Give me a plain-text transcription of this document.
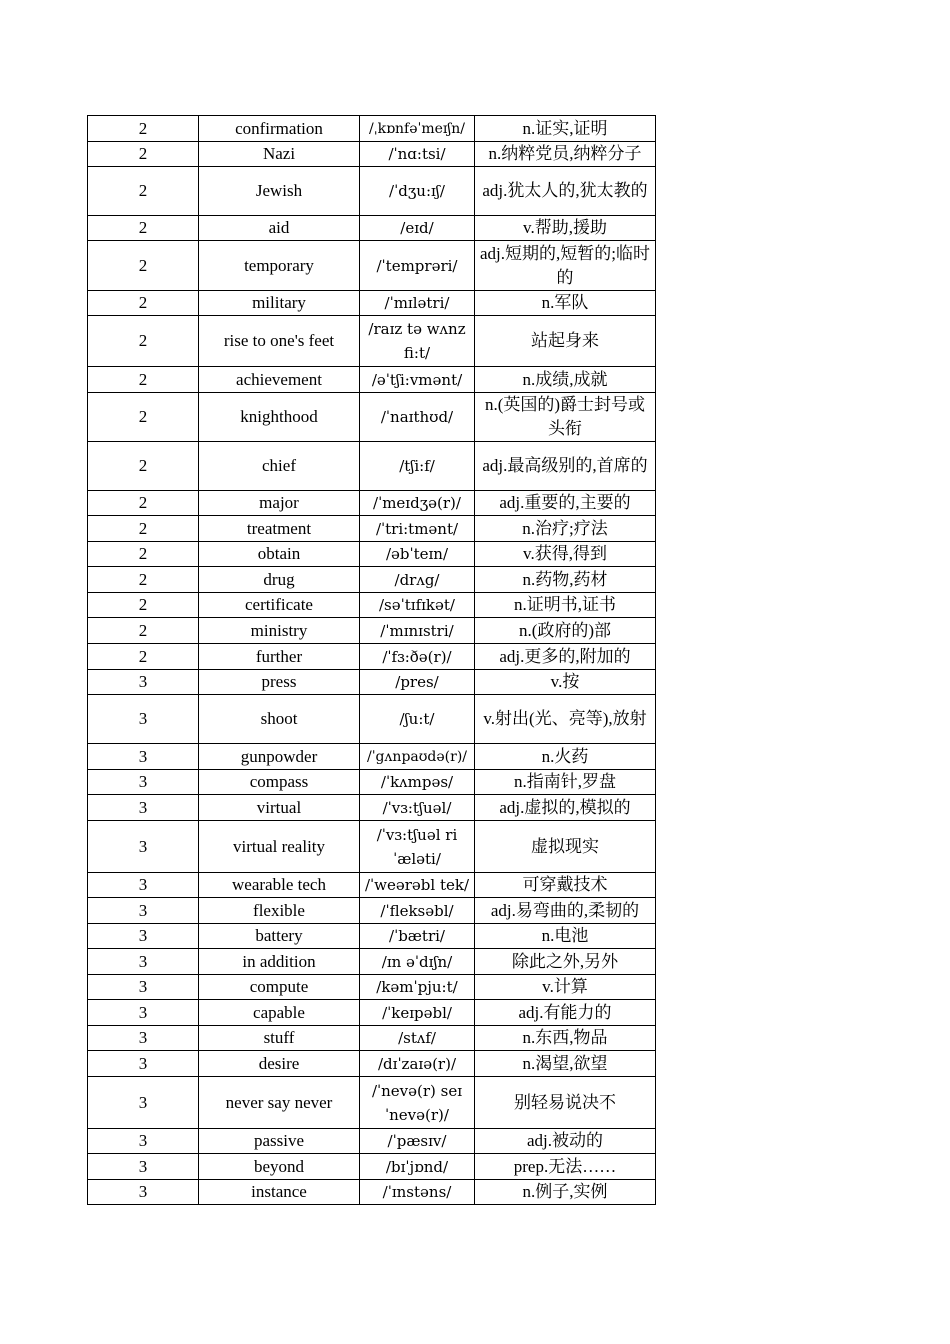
2	confirmation	/ˌkɒnfəˈmeɪʃn/	n.证实,证明
2	Nazi	/ˈnɑ:tsi/	n.纳粹党员,纳粹分子
2	Jewish	/ˈdʒu:ɪʃ/	adj.犹太人的,犹太教的
2	aid	/eɪd/	v.帮助,援助
2	temporary	/ˈtemprəri/	adj.短期的,短暂的;临时的
2	military	/ˈmɪlətri/	n.军队
2	rise to one's feet	/raɪz tə wʌnz fi:t/	站起身来
2	achievement	/əˈtʃi:vmənt/	n.成绩,成就
2	knighthood	/ˈnaɪthʊd/	n.(英国的)爵士封号或头衔
2	chief	/tʃi:f/	adj.最高级别的,首席的
2	major	/ˈmeɪdʒə(r)/	adj.重要的,主要的
2	treatment	/ˈtri:tmənt/	n.治疗;疗法
2	obtain	/əbˈteɪn/	v.获得,得到
2	drug	/drʌg/	n.药物,药材
2	certificate	/səˈtɪfɪkət/	n.证明书,证书
2	ministry	/ˈmɪnɪstri/	n.(政府的)部
2	further	/ˈfɜ:ðə(r)/	adj.更多的,附加的
3	press	/pres/	v.按
3	shoot	/ʃu:t/	v.射出(光、亮等),放射
3	gunpowder	/ˈgʌnpaʊdə(r)/	n.火药
3	compass	/ˈkʌmpəs/	n.指南针,罗盘
3	virtual	/ˈvɜ:tʃuəl/	adj.虚拟的,模拟的
3	virtual reality	/ˈvɜ:tʃuəl riˈæləti/	虚拟现实
3	wearable tech	/ˈweərəbl tek/	可穿戴技术
3	flexible	/ˈfleksəbl/	adj.易弯曲的,柔韧的
3	battery	/ˈbætri/	n.电池
3	in addition	/ɪn əˈdɪʃn/	除此之外,另外
3	compute	/kəmˈpju:t/	v.计算
3	capable	/ˈkeɪpəbl/	adj.有能力的
3	stuff	/stʌf/	n.东西,物品
3	desire	/dɪˈzaɪə(r)/	n.渴望,欲望
3	never say never	/ˈnevə(r) seɪ ˈnevə(r)/	别轻易说决不
3	passive	/ˈpæsɪv/	adj.被动的
3	beyond	/bɪˈjɒnd/	prep.无法……
3	instance	/ˈɪnstəns/	n.例子,实例
